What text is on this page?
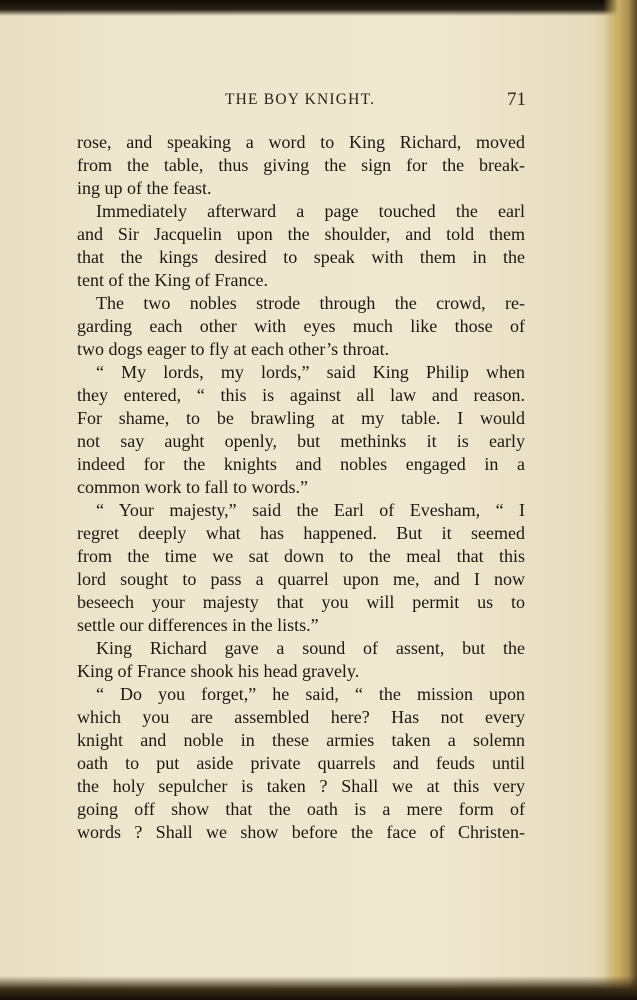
THE BOY KNIGHT.	71
rose, and speaking a word to King Richard, moved
from the table, thus giving the sign for the break-
ing up of the feast.
Immediately afterward a page touched the earl
and Sir Jacquelin upon the shoulder, and told them
that the kings desired to speak with them in the
tent of the King of France.
The two nobles strode through the crowd, re-
garding each other with eyes much like those of
two dogs eager to fly at each other’s throat.
“ My lords, my lords,” said King Philip when
they entered, “ this is against all law and reason.
For shame, to be brawling at my table. I would
not say aught openly, but methinks it is early
indeed for the knights and nobles engaged in a
common work to fall to words.”
“ Your majesty,” said the Earl of Evesham, “ I
regret deeply what has happened. But it seemed
from the time we sat down to the meal that this
lord sought to pass a quarrel upon me, and I now
beseech your majesty that you will permit us to
settle our differences in the lists.”
King Richard gave a sound of assent, but the
King of France shook his head gravely.
“ Do you forget,” he said, “ the mission upon
which you are assembled here? Has not every
knight and noble in these armies taken a solemn
oath to put aside private quarrels and feuds until
the holy sepulcher is taken ? Shall we at this very
going off show that the oath is a mere form of
words ? Shall we show before the face of Christen-
